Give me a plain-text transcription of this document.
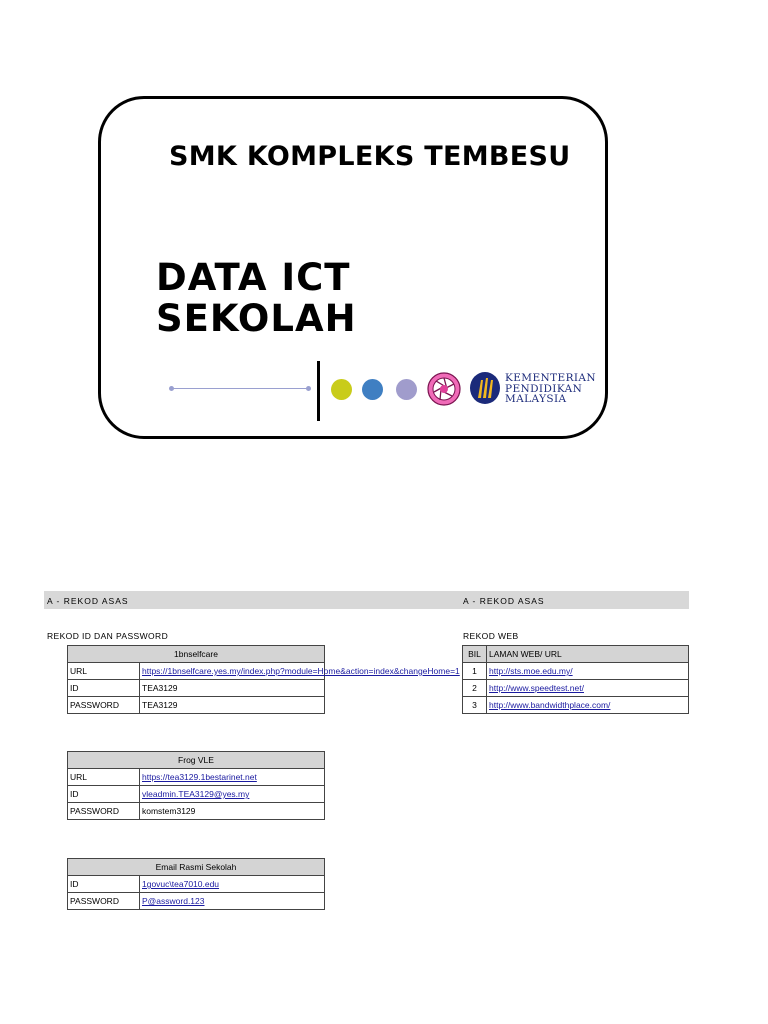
SMK KOMPLEKS TEMBESU
DATA ICT
SEKOLAH
KEMENTERIAN
PENDIDIKAN
MALAYSIA
A - REKOD ASAS	A - REKOD ASAS
REKOD ID DAN PASSWORD	REKOD WEB
1bnselfcare	
URL	https://1bnselfcare.yes.my/index.php?module=Home&action=index&changeHome=1
ID	TEA3129
PASSWORD	TEA3129
Frog VLE	
URL	https://tea3129.1bestarinet.net
ID	vleadmin.TEA3129@yes.my
PASSWORD	komstem3129
Email Rasmi Sekolah	
ID	1govuc\tea7010.edu
PASSWORD	P@assword.123
BIL	LAMAN WEB/ URL
1	http://sts.moe.edu.my/
2	http://www.speedtest.net/
3	http://www.bandwidthplace.com/
